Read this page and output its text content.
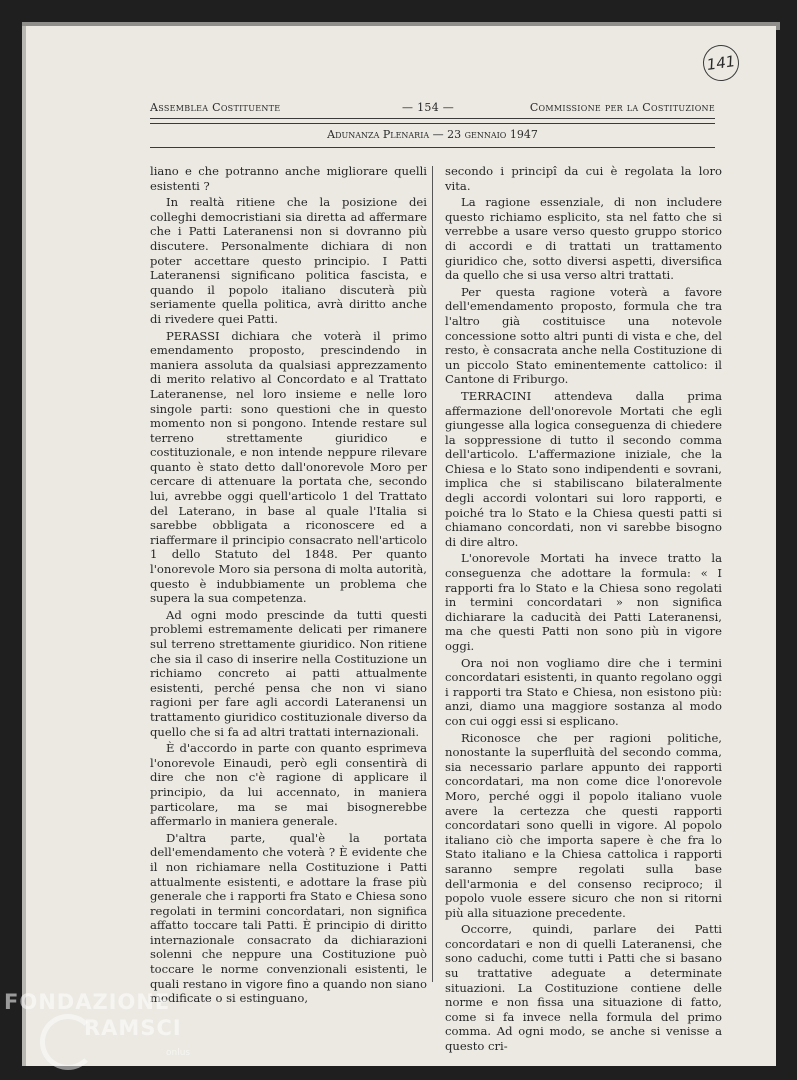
141
Assemblea Costituente	— 154 —	Commissione per la Costituzione
Adunanza Plenaria — 23 gennaio 1947

liano e che potranno anche migliorare quelli esistenti ?

In realtà ritiene che la posizione dei colleghi democristiani sia diretta ad affermare che i Patti Lateranensi non si dovranno più discutere. Personalmente dichiara di non poter accettare questo principio. I Patti Lateranensi significano politica fascista, e quando il popolo italiano discuterà più seriamente quella politica, avrà diritto anche di rivedere quei Patti.

PERASSI dichiara che voterà il primo emendamento proposto, prescindendo in maniera assoluta da qualsiasi apprezzamento di merito relativo al Concordato e al Trattato Lateranense, nel loro insieme e nelle loro singole parti: sono questioni che in questo momento non si pongono. Intende restare sul terreno strettamente giuridico e costituzionale, e non intende neppure rilevare quanto è stato detto dall'onorevole Moro per cercare di attenuare la portata che, secondo lui, avrebbe oggi quell'articolo 1 del Trattato del Laterano, in base al quale l'Italia si sarebbe obbligata a riconoscere ed a riaffermare il principio consacrato nell'articolo 1 dello Statuto del 1848. Per quanto l'onorevole Moro sia persona di molta autorità, questo è indubbiamente un problema che supera la sua competenza.

Ad ogni modo prescinde da tutti questi problemi estremamente delicati per rimanere sul terreno strettamente giuridico. Non ritiene che sia il caso di inserire nella Costituzione un richiamo concreto ai patti attualmente esistenti, perché pensa che non vi siano ragioni per fare agli accordi Lateranensi un trattamento giuridico costituzionale diverso da quello che si fa ad altri trattati internazionali.

È d'accordo in parte con quanto esprimeva l'onorevole Einaudi, però egli consentirà di dire che non c'è ragione di applicare il principio, da lui accennato, in maniera particolare, ma se mai bisognerebbe affermarlo in maniera generale.

D'altra parte, qual'è la portata dell'emendamento che voterà ? È evidente che il non richiamare nella Costituzione i Patti attualmente esistenti, e adottare la frase più generale che i rapporti fra Stato e Chiesa sono regolati in termini concordatari, non significa affatto toccare tali Patti. È principio di diritto internazionale consacrato da dichiarazioni solenni che neppure una Costituzione può toccare le norme convenzionali esistenti, le quali restano in vigore fino a quando non siano modificate o si estinguano,

secondo i principî da cui è regolata la loro vita.

La ragione essenziale, di non includere questo richiamo esplicito, sta nel fatto che si verrebbe a usare verso questo gruppo storico di accordi e di trattati un trattamento giuridico che, sotto diversi aspetti, diversifica da quello che si usa verso altri trattati.

Per questa ragione voterà a favore dell'emendamento proposto, formula che tra l'altro già costituisce una notevole concessione sotto altri punti di vista e che, del resto, è consacrata anche nella Costituzione di un piccolo Stato eminentemente cattolico: il Cantone di Friburgo.

TERRACINI attendeva dalla prima affermazione dell'onorevole Mortati che egli giungesse alla logica conseguenza di chiedere la soppressione di tutto il secondo comma dell'articolo. L'affermazione iniziale, che la Chiesa e lo Stato sono indipendenti e sovrani, implica che si stabiliscano bilateralmente degli accordi volontari sui loro rapporti, e poiché tra lo Stato e la Chiesa questi patti si chiamano concordati, non vi sarebbe bisogno di dire altro.

L'onorevole Mortati ha invece tratto la conseguenza che adottare la formula: « I rapporti fra lo Stato e la Chiesa sono regolati in termini concordatari » non significa dichiarare la caducità dei Patti Lateranensi, ma che questi Patti non sono più in vigore oggi.

Ora noi non vogliamo dire che i termini concordatari esistenti, in quanto regolano oggi i rapporti tra Stato e Chiesa, non esistono più: anzi, diamo una maggiore sostanza al modo con cui oggi essi si esplicano.

Riconosce che per ragioni politiche, nonostante la superfluità del secondo comma, sia necessario parlare appunto dei rapporti concordatari, ma non come dice l'onorevole Moro, perché oggi il popolo italiano vuole avere la certezza che questi rapporti concordatari sono quelli in vigore. Al popolo italiano ciò che importa sapere è che fra lo Stato italiano e la Chiesa cattolica i rapporti saranno sempre regolati sulla base dell'armonia e del consenso reciproco; il popolo vuole essere sicuro che non si ritorni più alla situazione precedente.

Occorre, quindi, parlare dei Patti concordatari e non di quelli Lateranensi, che sono caduchi, come tutti i Patti che si basano su trattative adeguate a determinate situazioni. La Costituzione contiene delle norme e non fissa una situazione di fatto, come si fa invece nella formula del primo comma. Ad ogni modo, se anche si venisse a questo cri-

FONDAZIONE
RAMSCI
onlus
